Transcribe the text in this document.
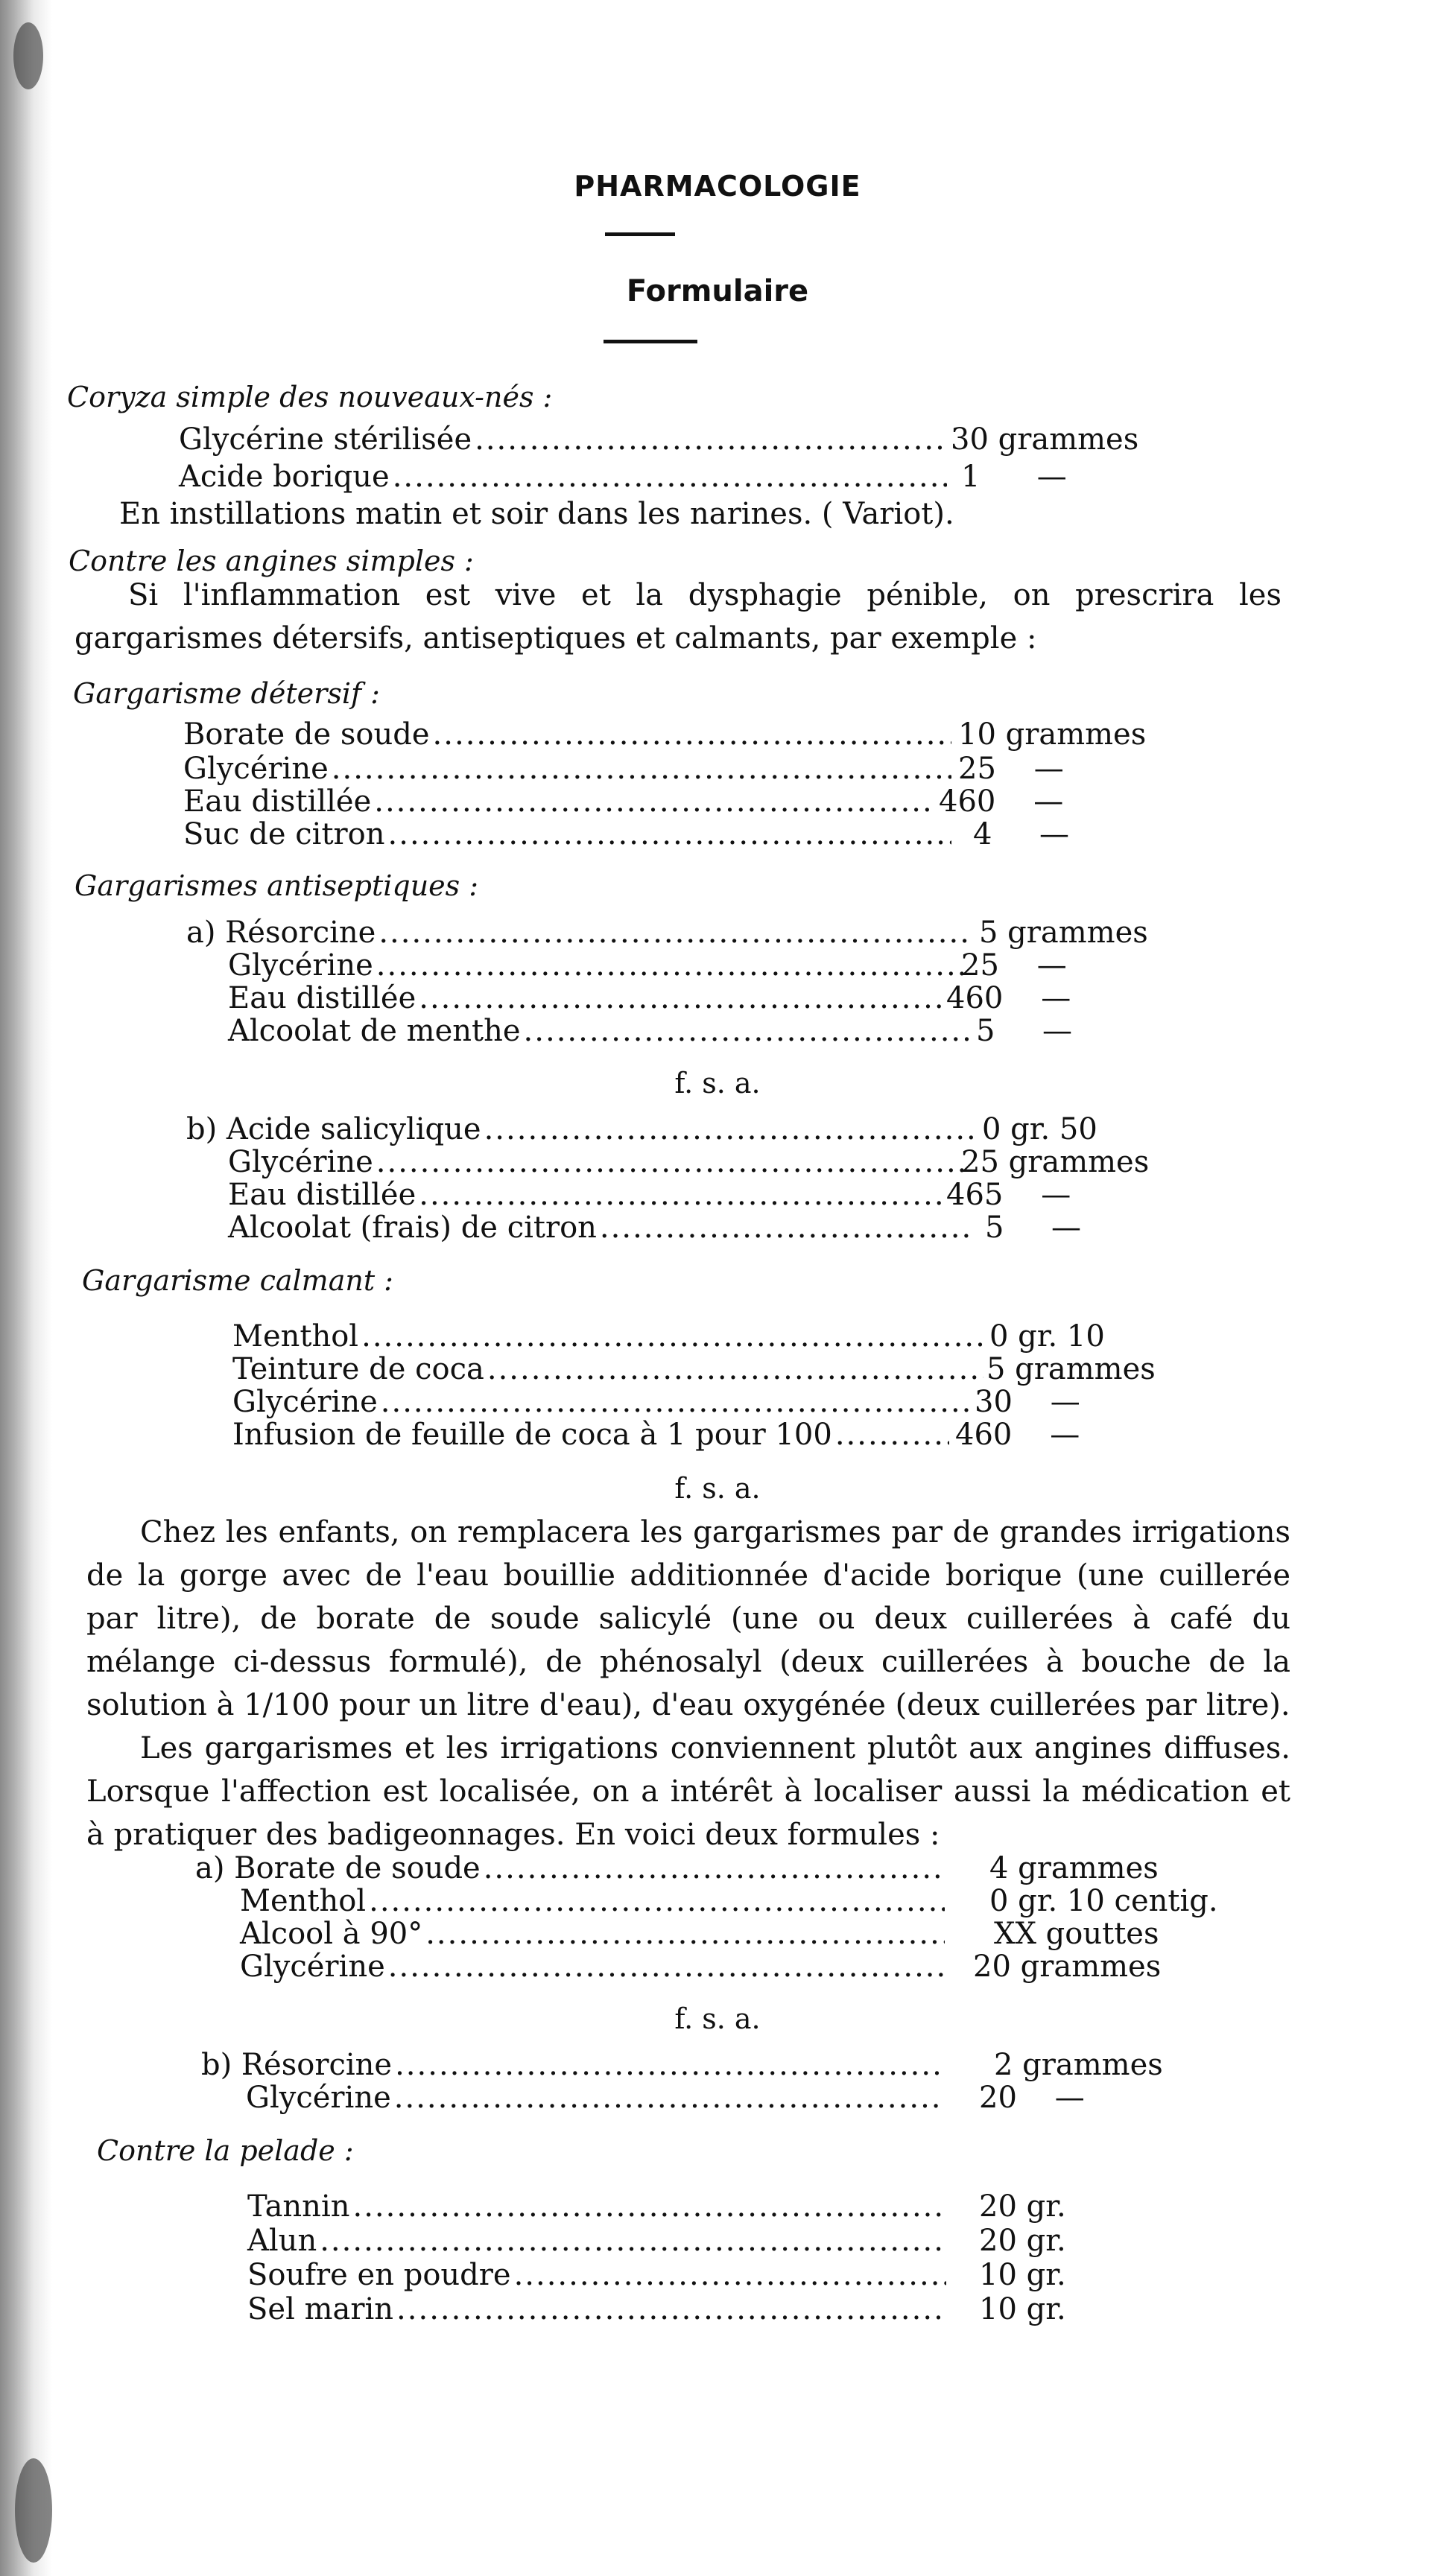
PHARMACOLOGIE
Formulaire
Coryza simple des nouveaux-nés :
Glycérine stérilisée .....	30 grammes
Acide borique .....	1      —
En instillations matin et soir dans les narines. ( Variot).
Contre les angines simples :

Si l'inflammation est vive et la dysphagie pénible, on prescrira les gargarismes détersifs, antiseptiques et calmants, par exemple :

Gargarisme détersif :
Borate de soude .....	10 grammes
Glycérine .....	25    —
Eau distillée .....	460    —
Suc de citron .....	4     —
Gargarismes antiseptiques :
a) Résorcine .....	5 grammes
Glycérine .....	25    —
Eau distillée .....	460    —
Alcoolat de menthe .....	5     —
f. s. a.
b) Acide salicylique .....	0 gr. 50
Glycérine .....	25 grammes
Eau distillée .....	465    —
Alcoolat (frais) de citron .....	5     —
Gargarisme calmant :
Menthol .....	0 gr. 10
Teinture de coca .....	5 grammes
Glycérine .....	30    —
Infusion de feuille de coca à 1 pour 100 .....	460    —
f. s. a.

Chez les enfants, on remplacera les gargarismes par de grandes irrigations de la gorge avec de l'eau bouillie additionnée d'acide borique (une cuillerée par litre), de borate de soude salicylé (une ou deux cuillerées à café du mélange ci-dessus formulé), de phénosalyl (deux cuillerées à bouche de la solution à 1/100 pour un litre d'eau), d'eau oxygénée (deux cuillerées par litre).

Les gargarismes et les irrigations conviennent plutôt aux angines diffuses. Lorsque l'affection est localisée, on a intérêt à localiser aussi la médication et à pratiquer des badigeonnages. En voici deux formules :

a) Borate de soude .....	4 grammes
Menthol .....	0 gr. 10 centig.
Alcool à 90° .....	XX gouttes
Glycérine .....	20 grammes
f. s. a.
b) Résorcine .....	2 grammes
Glycérine .....	20    —
Contre la pelade :
Tannin .....	20 gr.
Alun .....	20 gr.
Soufre en poudre .....	10 gr.
Sel marin .....	10 gr.
